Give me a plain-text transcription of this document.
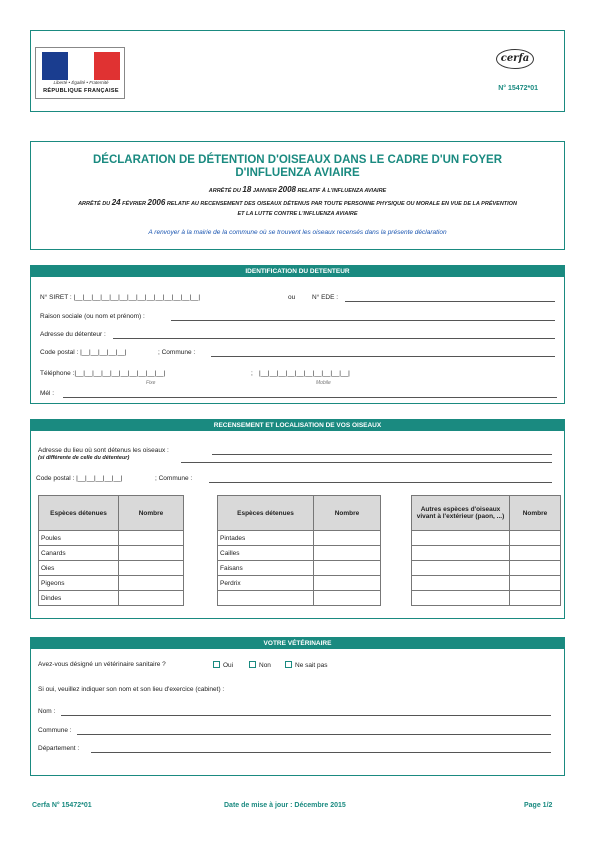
Liberté • Égalité • Fraternité
RÉPUBLIQUE FRANÇAISE
cerfa
N° 15472*01
DÉCLARATION DE DÉTENTION D'OISEAUX DANS LE CADRE D'UN FOYER
D'INFLUENZA AVIAIRE
ARRÊTÉ DU 18 JANVIER 2008 RELATIF À L'INFLUENZA AVIAIRE
ARRÊTÉ DU 24 FÉVRIER 2006 RELATIF AU RECENSEMENT DES OISEAUX DÉTENUS PAR TOUTE PERSONNE PHYSIQUE OU MORALE EN VUE DE LA PRÉVENTION
ET LA LUTTE CONTRE L'INFLUENZA AVIAIRE
A renvoyer à la mairie de la commune où se trouvent les oiseaux recensés dans la présente déclaration
IDENTIFICATION DU DETENTEUR
N° SIRET : |__|__|__|__|__|__|__|__|__|__|__|__|__|__|	ou	N° EDE :
Raison sociale (ou nom et prénom) :
Adresse du détenteur :
Code postal : |__|__|__|__|__|	; Commune :
Téléphone :|__|__|__|__|__|__|__|__|__|__|	; |__|__|__|__|__|__|__|__|__|__|
Fixe	Mobile
Mél :
RECENSEMENT ET LOCALISATION DE VOS OISEAUX
Adresse du lieu où sont détenus les oiseaux :
(si différente de celle du détenteur)
Code postal : |__|__|__|__|__|	; Commune :
Espèces détenues	Nombre
Poules	
Canards	
Oies	
Pigeons	
Dindes	
Espèces détenues	Nombre
Pintades	
Cailles	
Faisans	
Perdrix	

Autres espèces d'oiseaux vivant à l'extérieur (paon, ...)	Nombre

VOTRE VÉTÉRINAIRE
Avez-vous désigné un vétérinaire sanitaire ?	Oui	Non	Ne sait pas
Si oui, veuillez indiquer son nom et son lieu d'exercice (cabinet) :
Nom :
Commune :
Département :
Cerfa N° 15472*01	Date de mise à jour : Décembre 2015	Page 1/2
